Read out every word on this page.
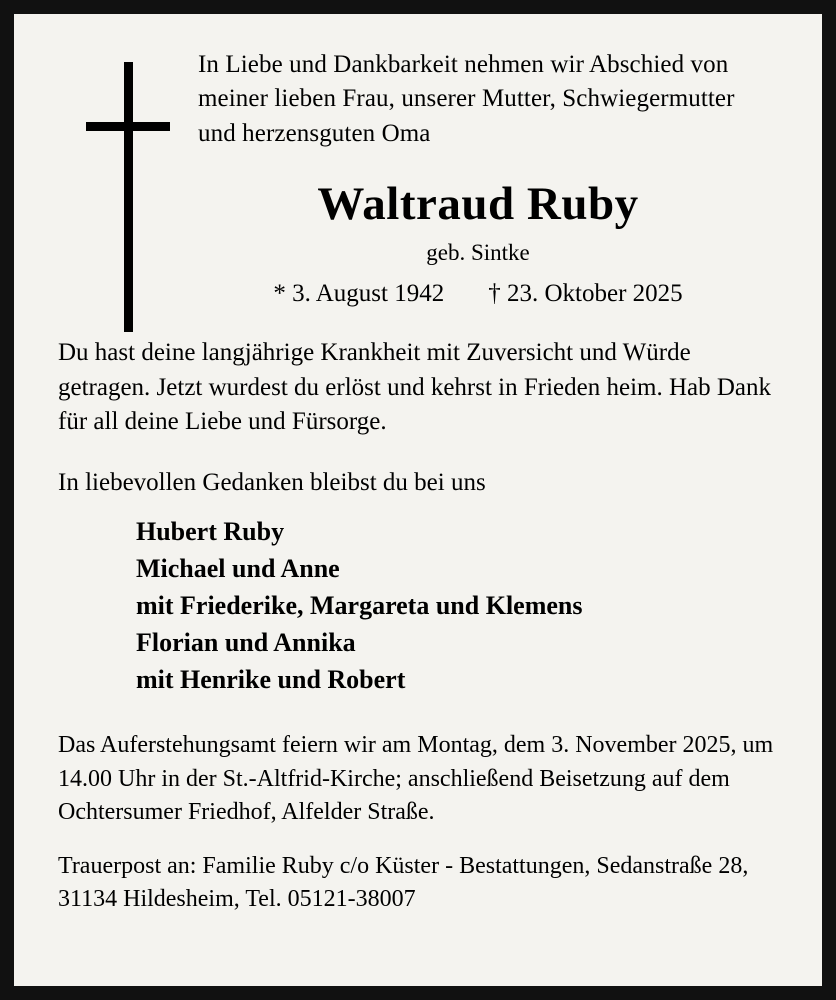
In Liebe und Dankbarkeit nehmen wir Abschied von meiner lieben Frau, unserer Mutter, Schwiegermutter und herzensguten Oma
Waltraud Ruby
geb. Sintke
* 3. August 1942 † 23. Oktober 2025
Du hast deine langjährige Krankheit mit Zuversicht und Würde getragen. Jetzt wurdest du erlöst und kehrst in Frieden heim. Hab Dank für all deine Liebe und Fürsorge.
In liebevollen Gedanken bleibst du bei uns
Hubert Ruby
Michael und Anne
mit Friederike, Margareta und Klemens
Florian und Annika
mit Henrike und Robert
Das Auferstehungsamt feiern wir am Montag, dem 3. November 2025, um 14.00 Uhr in der St.-Altfrid-Kirche; anschließend Beisetzung auf dem Ochtersumer Friedhof, Alfelder Straße.
Trauerpost an: Familie Ruby c/o Küster - Bestattungen, Sedanstraße 28, 31134 Hildesheim, Tel. 05121-38007
